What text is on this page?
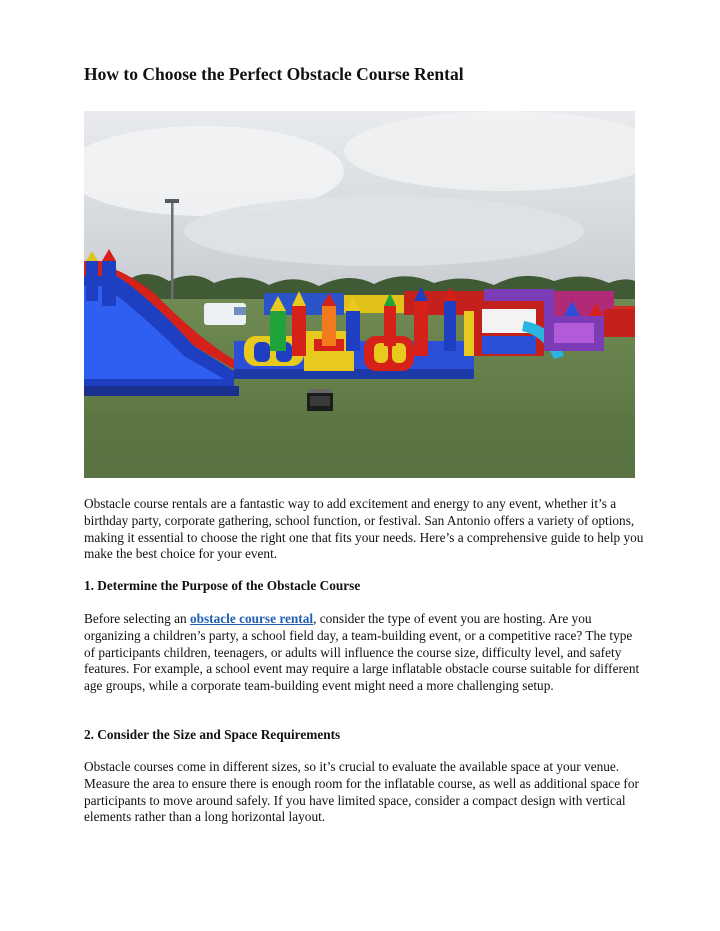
How to Choose the Perfect Obstacle Course Rental

Obstacle course rentals are a fantastic way to add excitement and energy to any event, whether it’s a birthday party, corporate gathering, school function, or festival. San Antonio offers a variety of options, making it essential to choose the right one that fits your needs. Here’s a comprehensive guide to help you make the best choice for your event.

1. Determine the Purpose of the Obstacle Course

Before selecting an obstacle course rental, consider the type of event you are hosting. Are you organizing a children’s party, a school field day, a team-building event, or a competitive race? The type of participants children, teenagers, or adults will influence the course size, difficulty level, and safety features. For example, a school event may require a large inflatable obstacle course suitable for different age groups, while a corporate team-building event might need a more challenging setup.

2. Consider the Size and Space Requirements

Obstacle courses come in different sizes, so it’s crucial to evaluate the available space at your venue. Measure the area to ensure there is enough room for the inflatable course, as well as additional space for participants to move around safely. If you have limited space, consider a compact design with vertical elements rather than a long horizontal layout.
